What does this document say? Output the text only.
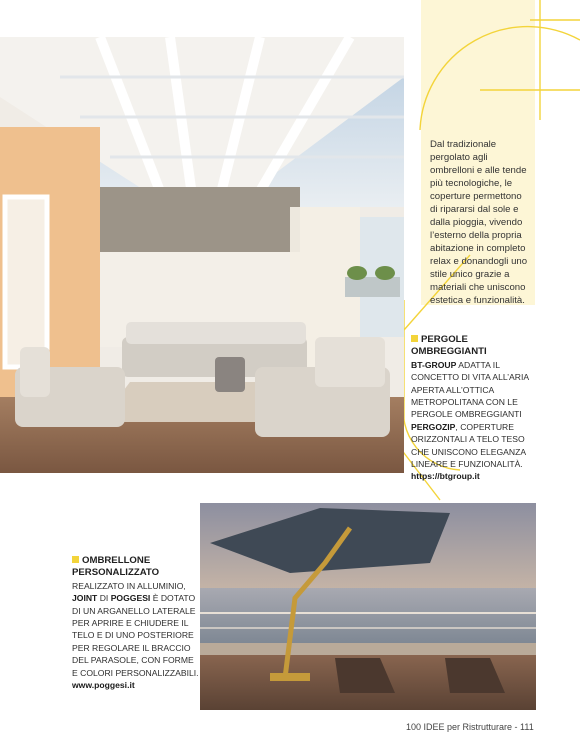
Dal tradizionale pergolato agli ombrelloni e alle tende più tecnologiche, le coperture permettono di ripararsi dal sole e dalla pioggia, vivendo l’esterno della propria abitazione in completo relax e donandogli uno stile unico grazie a materiali che uniscono estetica e funzionalità.
PERGOLE OMBREGGIANTI
BT-GROUP ADATTA IL CONCETTO DI VITA ALL’ARIA APERTA ALL’OTTICA METROPOLITANA CON LE PERGOLE OMBREGGIANTI PERGOZIP, COPERTURE ORIZZONTALI A TELO TESO CHE UNISCONO ELEGANZA LINEARE E FUNZIONALITÀ.
https://btgroup.it
OMBRELLONE PERSONALIZZATO
REALIZZATO IN ALLUMINIO, JOINT DI POGGESI È DOTATO DI UN ARGANELLO LATERALE PER APRIRE E CHIUDERE IL TELO E DI UNO POSTERIORE PER REGOLARE IL BRACCIO DEL PARASOLE, CON FORME E COLORI PERSONALIZZABILI.
www.poggesi.it
100 IDEE per Ristrutturare - 111
